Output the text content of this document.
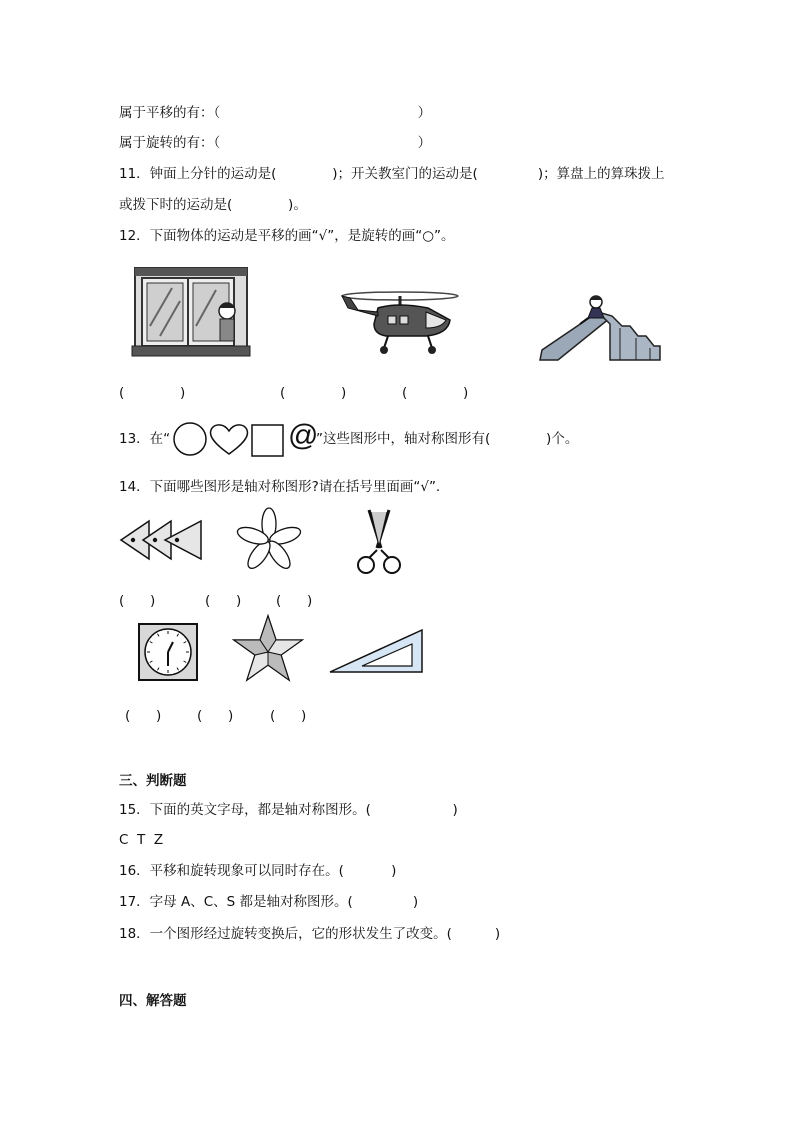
属于平移的有：（                                              ）
属于旋转的有：（                                              ）
11．钟面上分针的运动是(             )；开关教室门的运动是(              )；算盘上的算珠拨上
或拨下时的运动是(             )。
12．下面物体的运动是平移的画“√”，是旋转的画“○”。
(             )	(             )	(             )
13．在“	@
”这些图形中，轴对称图形有(             )个。
14．下面哪些图形是轴对称图形?请在括号里面画“√”.
(      )	(      )	(      )
(      )	(      )	(      )
三、判断题
15．下面的英文字母，都是轴对称图形。(                   )
C  T  Z
16．平移和旋转现象可以同时存在。(           )
17．字母 A、C、S 都是轴对称图形。(              )
18．一个图形经过旋转变换后，它的形状发生了改变。(          )
四、解答题
